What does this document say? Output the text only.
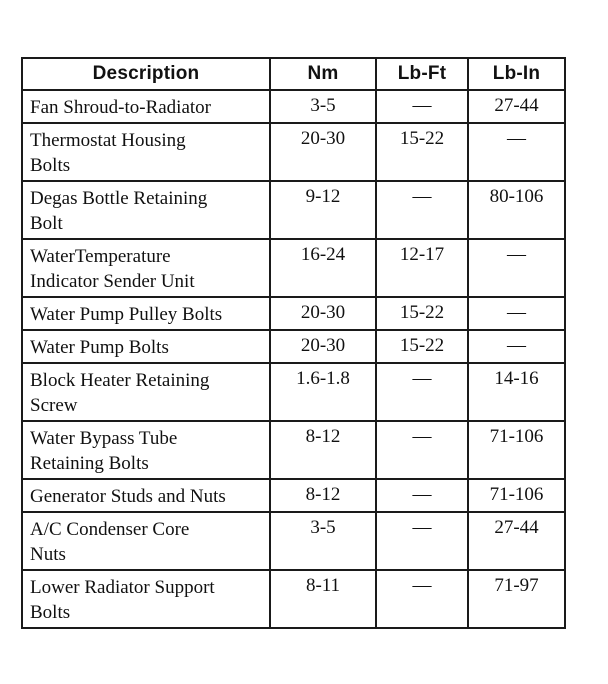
Description	Nm	Lb-Ft	Lb-In

Fan Shroud-to-Radiator	3-5	—	27-44

Thermostat Housing
Bolts	20-30	15-22	—

Degas Bottle Retaining
Bolt	9-12	—	80-106

WaterTemperature
Indicator Sender Unit	16-24	12-17	—

Water Pump Pulley Bolts	20-30	15-22	—

Water Pump Bolts	20-30	15-22	—

Block Heater Retaining
Screw	1.6-1.8	—	14-16

Water Bypass Tube
Retaining Bolts	8-12	—	71-106

Generator Studs and Nuts	8-12	—	71-106

A/C Condenser Core
Nuts	3-5	—	27-44

Lower Radiator Support
Bolts	8-11	—	71-97
